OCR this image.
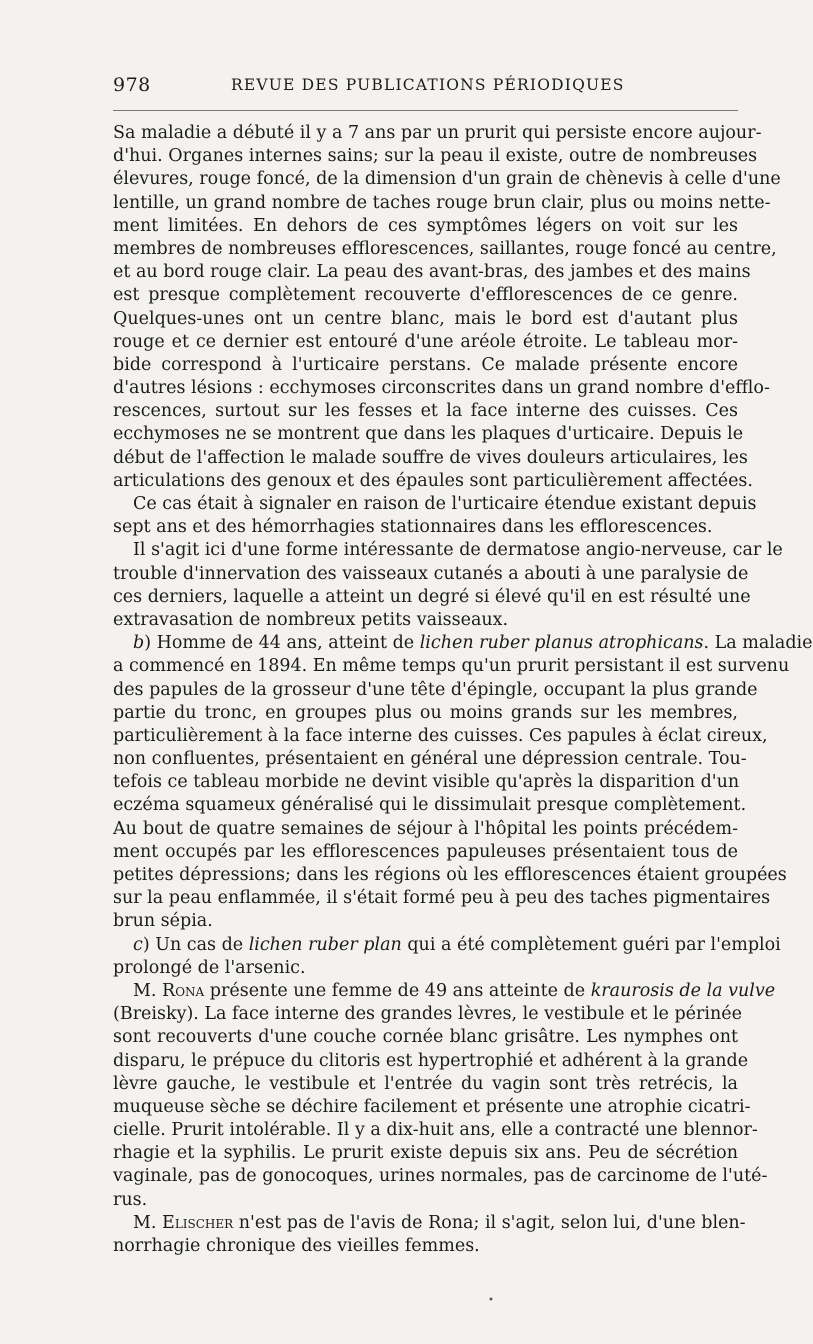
978	REVUE DES PUBLICATIONS PÉRIODIQUES
Sa maladie a débuté il y a 7 ans par un prurit qui persiste encore aujour-
d'hui. Organes internes sains; sur la peau il existe, outre de nombreuses
élevures, rouge foncé, de la dimension d'un grain de chènevis à celle d'une
lentille, un grand nombre de taches rouge brun clair, plus ou moins nette-
ment limitées. En dehors de ces symptômes légers on voit sur les
membres de nombreuses efflorescences, saillantes, rouge foncé au centre,
et au bord rouge clair. La peau des avant-bras, des jambes et des mains
est presque complètement recouverte d'efflorescences de ce genre.
Quelques-unes ont un centre blanc, mais le bord est d'autant plus
rouge et ce dernier est entouré d'une aréole étroite. Le tableau mor-
bide correspond à l'urticaire perstans. Ce malade présente encore
d'autres lésions : ecchymoses circonscrites dans un grand nombre d'efflo-
rescences, surtout sur les fesses et la face interne des cuisses. Ces
ecchymoses ne se montrent que dans les plaques d'urticaire. Depuis le
début de l'affection le malade souffre de vives douleurs articulaires, les
articulations des genoux et des épaules sont particulièrement affectées.
Ce cas était à signaler en raison de l'urticaire étendue existant depuis
sept ans et des hémorrhagies stationnaires dans les efflorescences.
Il s'agit ici d'une forme intéressante de dermatose angio-nerveuse, car le
trouble d'innervation des vaisseaux cutanés a abouti à une paralysie de
ces derniers, laquelle a atteint un degré si élevé qu'il en est résulté une
extravasation de nombreux petits vaisseaux.
b) Homme de 44 ans, atteint de lichen ruber planus atrophicans. La maladie
a commencé en 1894. En même temps qu'un prurit persistant il est survenu
des papules de la grosseur d'une tête d'épingle, occupant la plus grande
partie du tronc, en groupes plus ou moins grands sur les membres,
particulièrement à la face interne des cuisses. Ces papules à éclat cireux,
non confluentes, présentaient en général une dépression centrale. Tou-
tefois ce tableau morbide ne devint visible qu'après la disparition d'un
eczéma squameux généralisé qui le dissimulait presque complètement.
Au bout de quatre semaines de séjour à l'hôpital les points précédem-
ment occupés par les efflorescences papuleuses présentaient tous de
petites dépressions; dans les régions où les efflorescences étaient groupées
sur la peau enflammée, il s'était formé peu à peu des taches pigmentaires
brun sépia.
c) Un cas de lichen ruber plan qui a été complètement guéri par l'emploi
prolongé de l'arsenic.
M. Rona présente une femme de 49 ans atteinte de kraurosis de la vulve
(Breisky). La face interne des grandes lèvres, le vestibule et le périnée
sont recouverts d'une couche cornée blanc grisâtre. Les nymphes ont
disparu, le prépuce du clitoris est hypertrophié et adhérent à la grande
lèvre gauche, le vestibule et l'entrée du vagin sont très retrécis, la
muqueuse sèche se déchire facilement et présente une atrophie cicatri-
cielle. Prurit intolérable. Il y a dix-huit ans, elle a contracté une blennor-
rhagie et la syphilis. Le prurit existe depuis six ans. Peu de sécrétion
vaginale, pas de gonocoques, urines normales, pas de carcinome de l'uté-
rus.
M. Elischer n'est pas de l'avis de Rona; il s'agit, selon lui, d'une blen-
norrhagie chronique des vieilles femmes.
•
